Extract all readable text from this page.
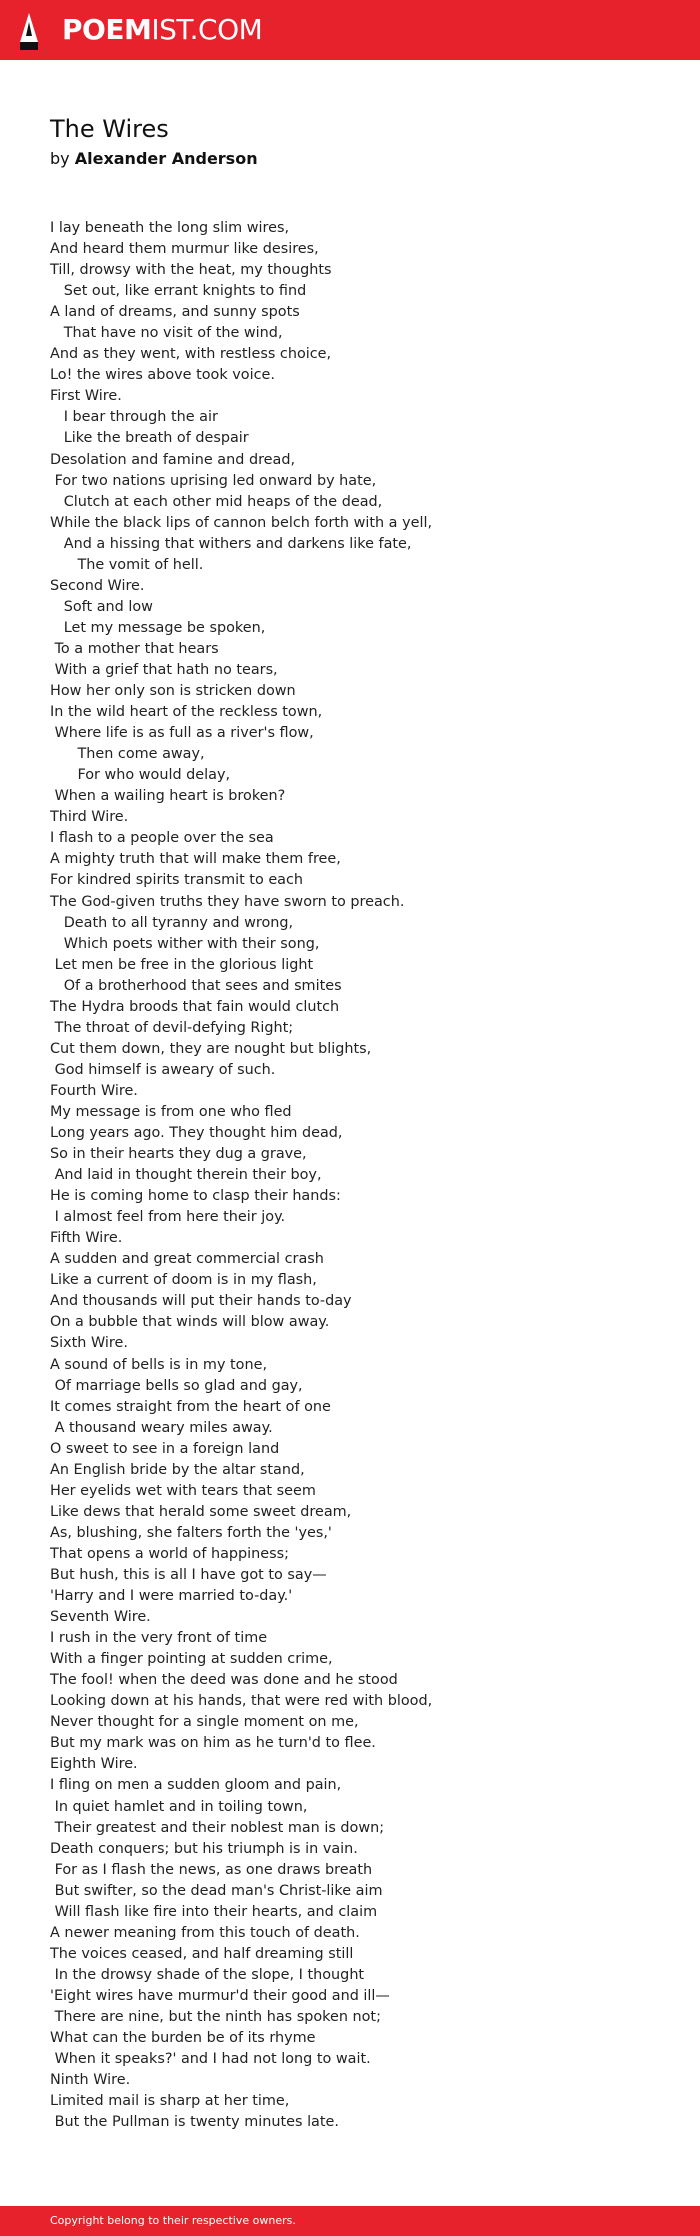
POEMIST.COM
The Wires
by Alexander Anderson
I lay beneath the long slim wires,
And heard them murmur like desires,
Till, drowsy with the heat, my thoughts
Set out, like errant knights to find
A land of dreams, and sunny spots
That have no visit of the wind,
And as they went, with restless choice,
Lo! the wires above took voice.
First Wire.
I bear through the air
Like the breath of despair
Desolation and famine and dread,
For two nations uprising led onward by hate,
Clutch at each other mid heaps of the dead,
While the black lips of cannon belch forth with a yell,
And a hissing that withers and darkens like fate,
The vomit of hell.
Second Wire.
Soft and low
Let my message be spoken,
To a mother that hears
With a grief that hath no tears,
How her only son is stricken down
In the wild heart of the reckless town,
Where life is as full as a river's flow,
Then come away,
For who would delay,
When a wailing heart is broken?
Third Wire.
I flash to a people over the sea
A mighty truth that will make them free,
For kindred spirits transmit to each
The God-given truths they have sworn to preach.
Death to all tyranny and wrong,
Which poets wither with their song,
Let men be free in the glorious light
Of a brotherhood that sees and smites
The Hydra broods that fain would clutch
The throat of devil-defying Right;
Cut them down, they are nought but blights,
God himself is aweary of such.
Fourth Wire.
My message is from one who fled
Long years ago. They thought him dead,
So in their hearts they dug a grave,
And laid in thought therein their boy,
He is coming home to clasp their hands:
I almost feel from here their joy.
Fifth Wire.
A sudden and great commercial crash
Like a current of doom is in my flash,
And thousands will put their hands to-day
On a bubble that winds will blow away.
Sixth Wire.
A sound of bells is in my tone,
Of marriage bells so glad and gay,
It comes straight from the heart of one
A thousand weary miles away.
O sweet to see in a foreign land
An English bride by the altar stand,
Her eyelids wet with tears that seem
Like dews that herald some sweet dream,
As, blushing, she falters forth the 'yes,'
That opens a world of happiness;
But hush, this is all I have got to say—
'Harry and I were married to-day.'
Seventh Wire.
I rush in the very front of time
With a finger pointing at sudden crime,
The fool! when the deed was done and he stood
Looking down at his hands, that were red with blood,
Never thought for a single moment on me,
But my mark was on him as he turn'd to flee.
Eighth Wire.
I fling on men a sudden gloom and pain,
In quiet hamlet and in toiling town,
Their greatest and their noblest man is down;
Death conquers; but his triumph is in vain.
For as I flash the news, as one draws breath
But swifter, so the dead man's Christ-like aim
Will flash like fire into their hearts, and claim
A newer meaning from this touch of death.
The voices ceased, and half dreaming still
In the drowsy shade of the slope, I thought
'Eight wires have murmur'd their good and ill—
There are nine, but the ninth has spoken not;
What can the burden be of its rhyme
When it speaks?' and I had not long to wait.
Ninth Wire.
Limited mail is sharp at her time,
But the Pullman is twenty minutes late.
Copyright belong to their respective owners.
